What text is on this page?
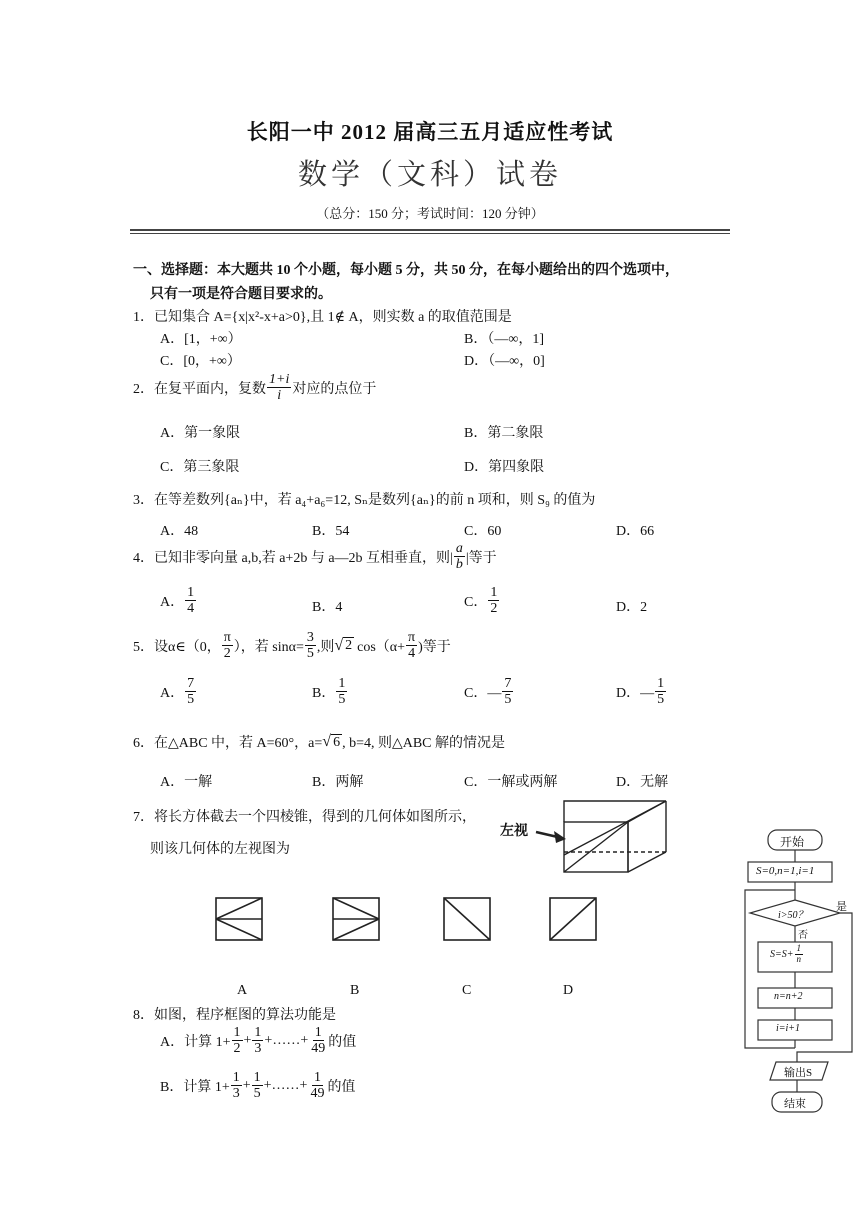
长阳一中 2012 届高三五月适应性考试
数学（文科）试卷
（总分：150 分；考试时间：120 分钟）
一、选择题：本大题共 10 个小题，每小题 5 分，共 50 分，在每小题给出的四个选项中，
只有一项是符合题目要求的。
1．已知集合 A={x|x²-x+a>0},且 1∉ A，则实数 a 的取值范围是
A．[1，+∞）	B．（—∞，1]
C．[0，+∞）	D．（—∞，0]
2．在复平面内，复数 $\frac{1+i}{i}$ 对应的点位于
A．第一象限	B．第二象限
C．第三象限	D．第四象限
3．在等差数列{aₙ}中，若 a₄+a₆=12, Sₙ是数列{aₙ}的前 n 项和，则 S₉ 的值为
A．48	B．54	C．60	D．66
4．已知非零向量 a,b,若 a+2b 与 a—2b 互相垂直，则| $\frac{a}{b}$ |等于
A． $\frac{1}{4}$	B．4	C． $\frac{1}{2}$	D．2
5．设α∈（0， $\frac{\pi}{2}$ ），若 $\sin\alpha= \frac{3}{5}$ ,则 √ 2 $\cos(\alpha+ \frac{\pi}{4}$ )等于
A． $\frac{7}{5}$	B． $\frac{1}{5}$	C．— $\frac{7}{5}$	D．— $\frac{1}{5}$
6．在△ABC 中，若 A=60°，a= √ 6 , b=4, 则△ABC 解的情况是
A．一解	B．两解	C．一解或两解	D．无解
7．将长方体截去一个四棱锥，得到的几何体如图所示，
则该几何体的左视图为
左视
A	B	C	D
8．如图，程序框图的算法功能是
A．计算 $1+ \frac{1}{2} + \frac{1}{3}$ +……+ $\frac{1}{49}$ 的值
B．计算 $1+ \frac{1}{3} + \frac{1}{5}$ +……+ $\frac{1}{49}$ 的值
开始
S=0,n=1,i=1
i>50？
是
否
$S=S+ \frac{1}{n}$
n=n+2
i=i+1
输出S
结束
